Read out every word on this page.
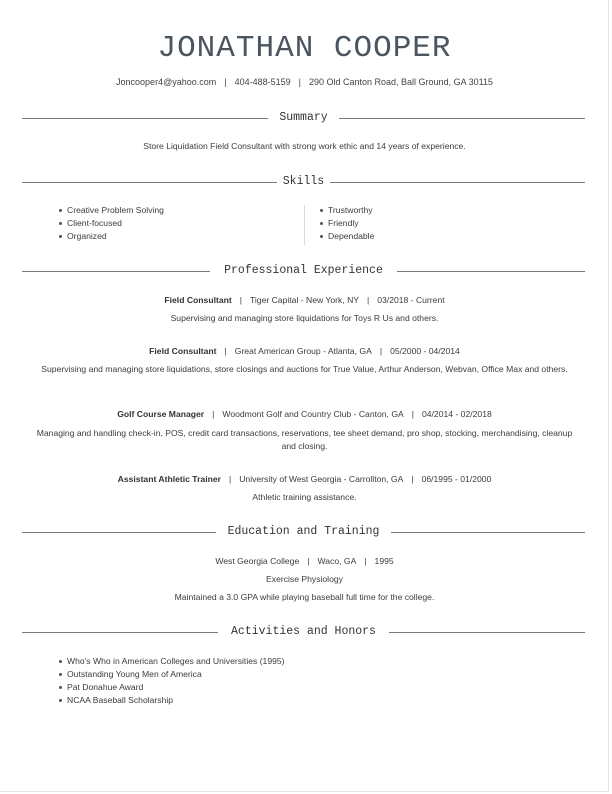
JONATHAN COOPER
Joncooper4@yahoo.com | 404-488-5159 | 290 Old Canton Road, Ball Ground, GA 30115
Summary
Store Liquidation Field Consultant with strong work ethic and 14 years of experience.
Skills
Creative Problem Solving
Client-focused
Organized
Trustworthy
Friendly
Dependable
Professional Experience
Field Consultant | Tiger Capital - New York, NY | 03/2018 - Current
Supervising and managing store liquidations for Toys R Us and others.
Field Consultant | Great American Group - Atlanta, GA | 05/2000 - 04/2014
Supervising and managing store liquidations, store closings and auctions for True Value, Arthur Anderson, Webvan, Office Max and others.
Golf Course Manager | Woodmont Golf and Country Club - Canton, GA | 04/2014 - 02/2018
Managing and handling check-in, POS, credit card transactions, reservations, tee sheet demand, pro shop, stocking, merchandising, cleanup and closing.
Assistant Athletic Trainer | University of West Georgia - Carrollton, GA | 06/1995 - 01/2000
Athletic training assistance.
Education and Training
West Georgia College | Waco, GA | 1995
Exercise Physiology
Maintained a 3.0 GPA while playing baseball full time for the college.
Activities and Honors
Who's Who in American Colleges and Universities (1995)
Outstanding Young Men of America
Pat Donahue Award
NCAA Baseball Scholarship
